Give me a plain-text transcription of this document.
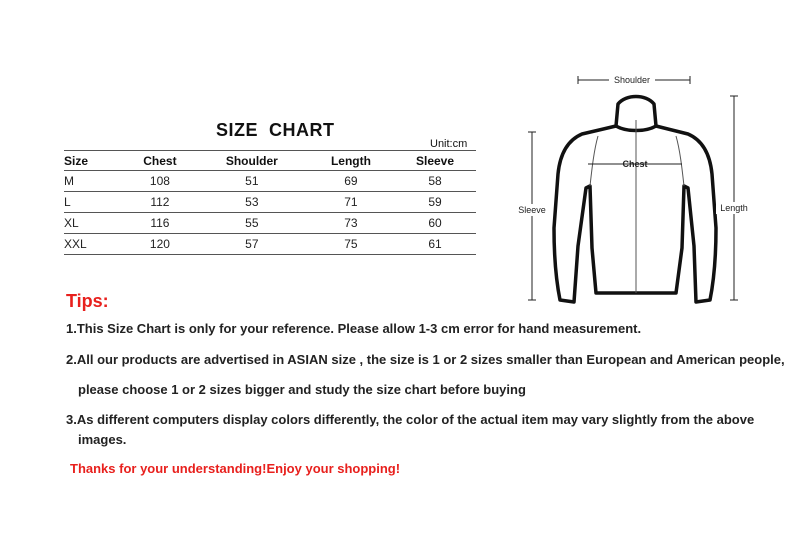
SIZE  CHART
Unit:cm
Size	Chest	Shoulder	Length	Sleeve
M	108	51	69	58
L	112	53	71	59
XL	116	55	73	60
XXL	120	57	75	61
Shoulder
Chest
Sleeve	Length
Tips:
1.This Size Chart is only for your reference. Please allow 1-3 cm error for hand measurement.
2.All our products are advertised in ASIAN size , the size is 1 or 2 sizes smaller than European and American people,
please choose 1 or 2 sizes bigger and study the size chart before buying
3.As different computers display colors differently, the color of the actual item may vary slightly from the above
images.
Thanks for your understanding!Enjoy your shopping!
